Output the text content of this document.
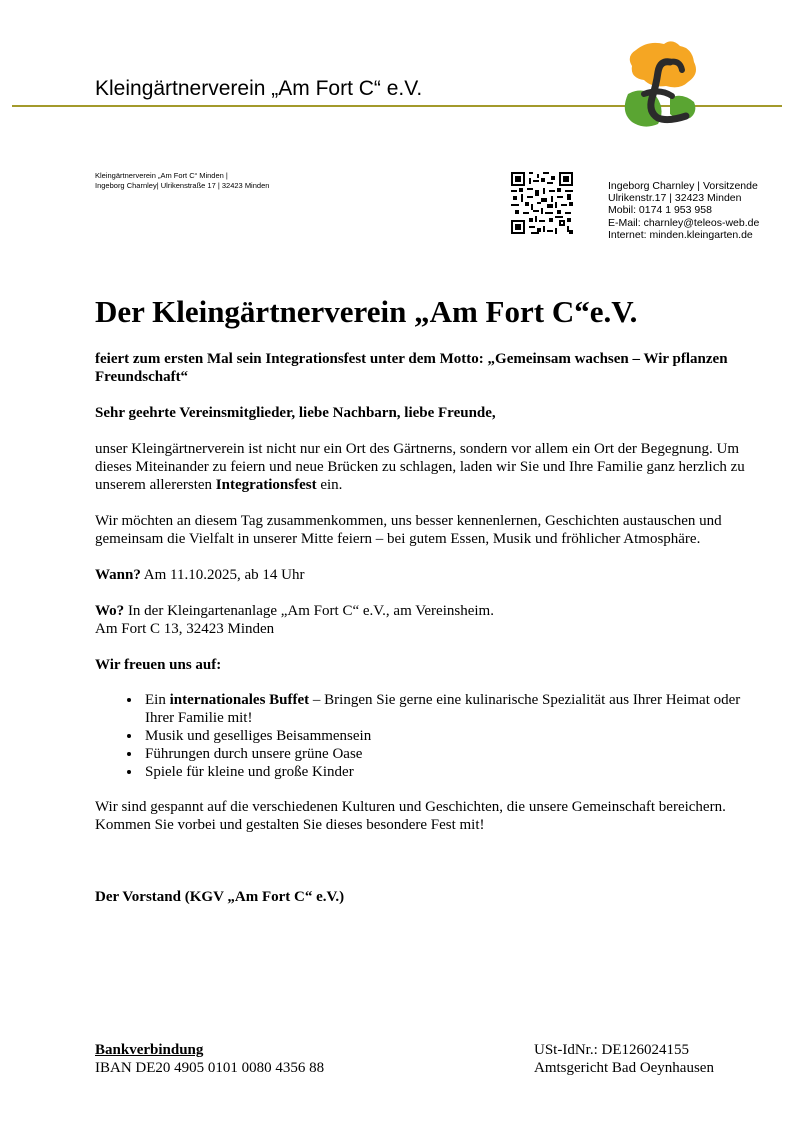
Kleingärtnerverein „Am Fort C“ e.V.
Kleingärtnerverein „Am Fort C“ Minden |
Ingeborg Charnley| Ulrikenstraße 17 | 32423 Minden	Ingeborg Charnley | Vorsitzende
Ulrikenstr.17 | 32423 Minden
Mobil: 0174 1 953 958
E-Mail: charnley@teleos-web.de
Internet: minden.kleingarten.de
Der Kleingärtnerverein „Am Fort C“e.V.

feiert zum ersten Mal sein Integrationsfest unter dem Motto: „Gemeinsam wachsen – Wir pflanzen Freundschaft“

Sehr geehrte Vereinsmitglieder, liebe Nachbarn, liebe Freunde,

unser Kleingärtnerverein ist nicht nur ein Ort des Gärtnerns, sondern vor allem ein Ort der Begegnung. Um dieses Miteinander zu feiern und neue Brücken zu schlagen, laden wir Sie und Ihre Familie ganz herzlich zu unserem allerersten Integrationsfest ein.

Wir möchten an diesem Tag zusammenkommen, uns besser kennenlernen, Geschichten austauschen und gemeinsam die Vielfalt in unserer Mitte feiern – bei gutem Essen, Musik und fröhlicher Atmosphäre.

Wann? Am 11.10.2025, ab 14 Uhr

Wo? In der Kleingartenanlage „Am Fort C“ e.V., am Vereinsheim.

Am Fort C 13, 32423 Minden

Wir freuen uns auf:

• Ein internationales Buffet – Bringen Sie gerne eine kulinarische Spezialität aus Ihrer Heimat oder Ihrer Familie mit!
• Musik und geselliges Beisammensein
• Führungen durch unsere grüne Oase
• Spiele für kleine und große Kinder

Wir sind gespannt auf die verschiedenen Kulturen und Geschichten, die unsere Gemeinschaft bereichern. Kommen Sie vorbei und gestalten Sie dieses besondere Fest mit!

Der Vorstand (KGV „Am Fort C“ e.V.)

Bankverbindung
IBAN DE20 4905 0101 0080 4356 88
USt-IdNr.: DE126024155
Amtsgericht Bad Oeynhausen
